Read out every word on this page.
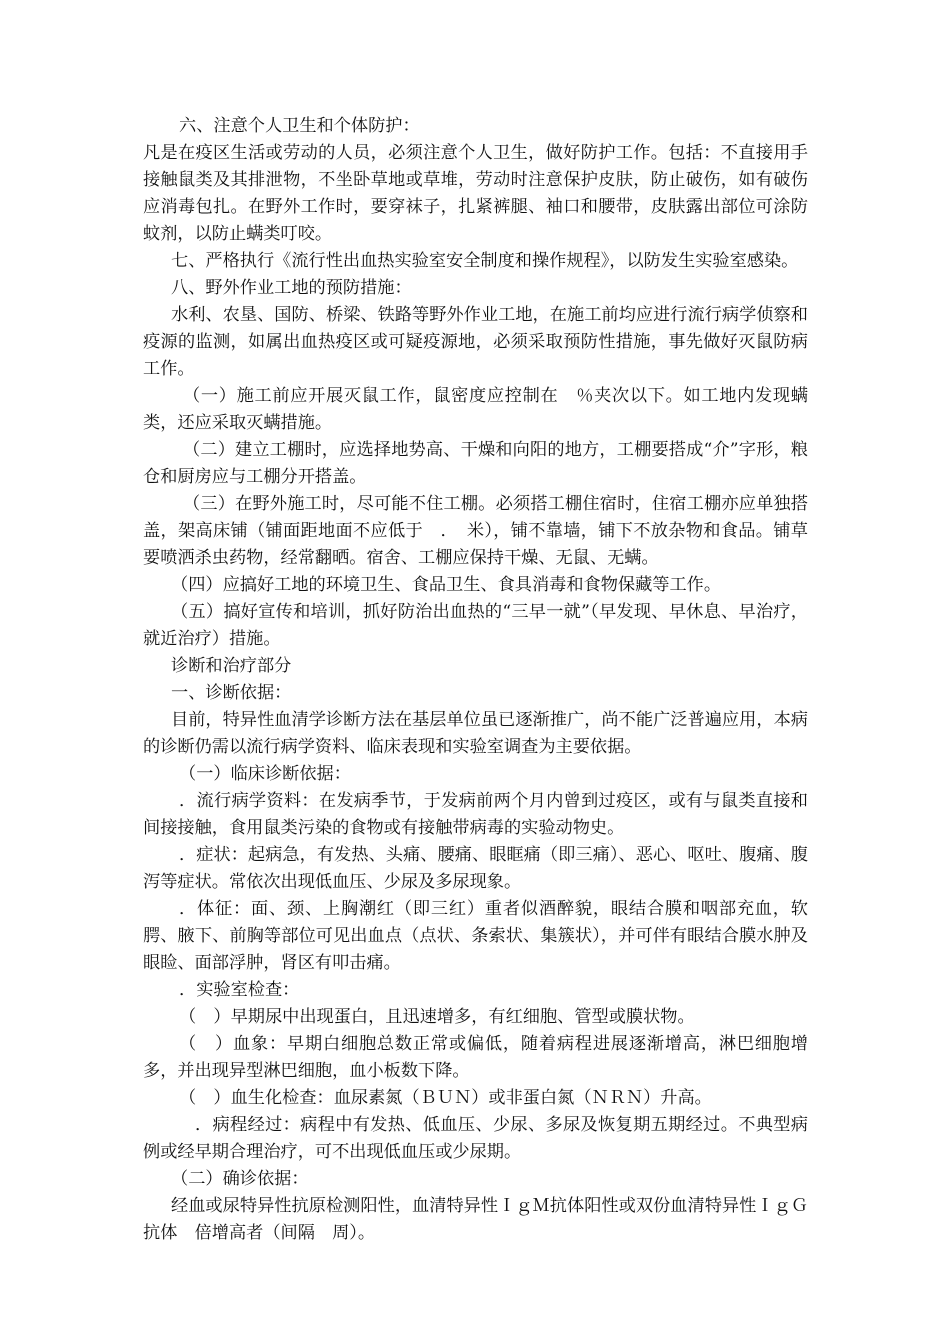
六、注意个人卫生和个体防护：

凡是在疫区生活或劳动的人员，必须注意个人卫生，做好防护工作。包括：不直接用手接触鼠类及其排泄物，不坐卧草地或草堆，劳动时注意保护皮肤，防止破伤，如有破伤应消毒包扎。在野外工作时，要穿袜子，扎紧裤腿、袖口和腰带，皮肤露出部位可涂防蚊剂，以防止螨类叮咬。

七、严格执行《流行性出血热实验室安全制度和操作规程》，以防发生实验室感染。

八、野外作业工地的预防措施：

水利、农垦、国防、桥梁、铁路等野外作业工地，在施工前均应进行流行病学侦察和疫源的监测，如属出血热疫区或可疑疫源地，必须采取预防性措施，事先做好灭鼠防病工作。

（一）施工前应开展灭鼠工作，鼠密度应控制在　％夹次以下。如工地内发现螨类，还应采取灭螨措施。

（二）建立工棚时，应选择地势高、干燥和向阳的地方，工棚要搭成“介”字形，粮仓和厨房应与工棚分开搭盖。

（三）在野外施工时，尽可能不住工棚。必须搭工棚住宿时，住宿工棚亦应单独搭盖，架高床铺（铺面距地面不应低于　．　米），铺不靠墙，铺下不放杂物和食品。铺草要喷洒杀虫药物，经常翻晒。宿舍、工棚应保持干燥、无鼠、无螨。

（四）应搞好工地的环境卫生、食品卫生、食具消毒和食物保藏等工作。

（五）搞好宣传和培训，抓好防治出血热的“三早一就”（早发现、早休息、早治疗，就近治疗）措施。

诊断和治疗部分

一、诊断依据：

目前，特异性血清学诊断方法在基层单位虽已逐渐推广，尚不能广泛普遍应用，本病的诊断仍需以流行病学资料、临床表现和实验室调查为主要依据。

（一）临床诊断依据：

．流行病学资料：在发病季节，于发病前两个月内曾到过疫区，或有与鼠类直接和间接接触，食用鼠类污染的食物或有接触带病毒的实验动物史。

．症状：起病急，有发热、头痛、腰痛、眼眶痛（即三痛）、恶心、呕吐、腹痛、腹泻等症状。常依次出现低血压、少尿及多尿现象。

．体征：面、颈、上胸潮红（即三红）重者似酒醉貌，眼结合膜和咽部充血，软腭、腋下、前胸等部位可见出血点（点状、条索状、集簇状），并可伴有眼结合膜水肿及眼睑、面部浮肿，肾区有叩击痛。

．实验室检查：

（　）早期尿中出现蛋白，且迅速增多，有红细胞、管型或膜状物。

（　）血象：早期白细胞总数正常或偏低，随着病程进展逐渐增高，淋巴细胞增多，并出现异型淋巴细胞，血小板数下降。

（　）血生化检查：血尿素氮（ＢＵＮ）或非蛋白氮（ＮＲＮ）升高。

．病程经过：病程中有发热、低血压、少尿、多尿及恢复期五期经过。不典型病例或经早期合理治疗，可不出现低血压或少尿期。

（二）确诊依据：

经血或尿特异性抗原检测阳性，血清特异性ＩｇＭ抗体阳性或双份血清特异性ＩｇＧ抗体　倍增高者（间隔　周）。
